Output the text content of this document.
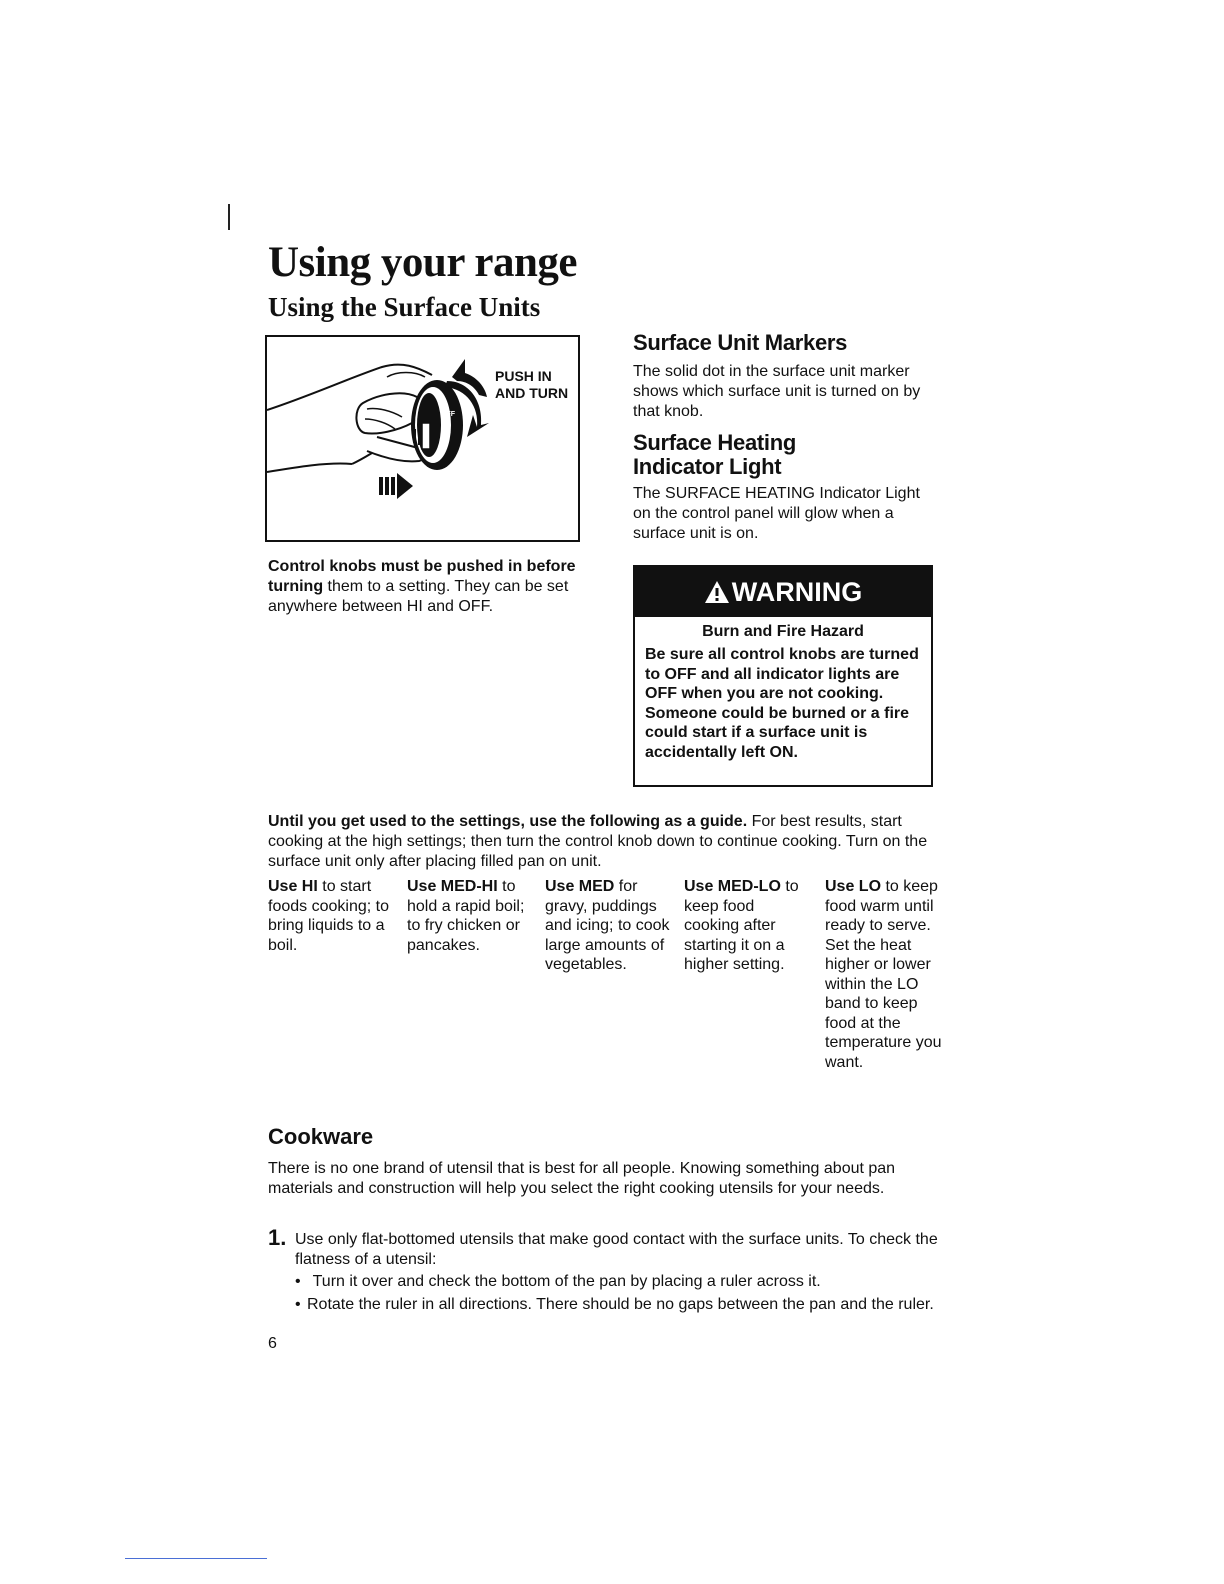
Using your range
Using the Surface Units
OFF
PUSH IN
AND TURN
Control knobs must be pushed in before turning them to a setting. They can be set anywhere between HI and OFF.
Surface Unit Markers
The solid dot in the surface unit marker shows which surface unit is turned on by that knob.
Surface Heating
Indicator Light
The SURFACE HEATING Indicator Light on the control panel will glow when a surface unit is on.
WARNING
Burn and Fire Hazard
Be sure all control knobs are turned to OFF and all indicator lights are OFF when you are not cooking. Someone could be burned or a fire could start if a surface unit is accidentally left ON.
Until you get used to the settings, use the following as a guide. For best results, start cooking at the high settings; then turn the control knob down to continue cooking. Turn on the surface unit only after placing filled pan on unit.
Use HI to start foods cooking; to bring liquids to a boil.
Use MED-HI to hold a rapid boil; to fry chicken or pancakes.
Use MED for gravy, puddings and icing; to cook large amounts of vegetables.
Use MED-LO to keep food cooking after starting it on a higher setting.
Use LO to keep food warm until ready to serve. Set the heat higher or lower within the LO band to keep food at the temperature you want.
Cookware
There is no one brand of utensil that is best for all people. Knowing something about pan materials and construction will help you select the right cooking utensils for your needs.
1. Use only flat-bottomed utensils that make good contact with the surface units. To check the flatness of a utensil:
• Turn it over and check the bottom of the pan by placing a ruler across it.
• Rotate the ruler in all directions. There should be no gaps between the pan and the ruler.
6
